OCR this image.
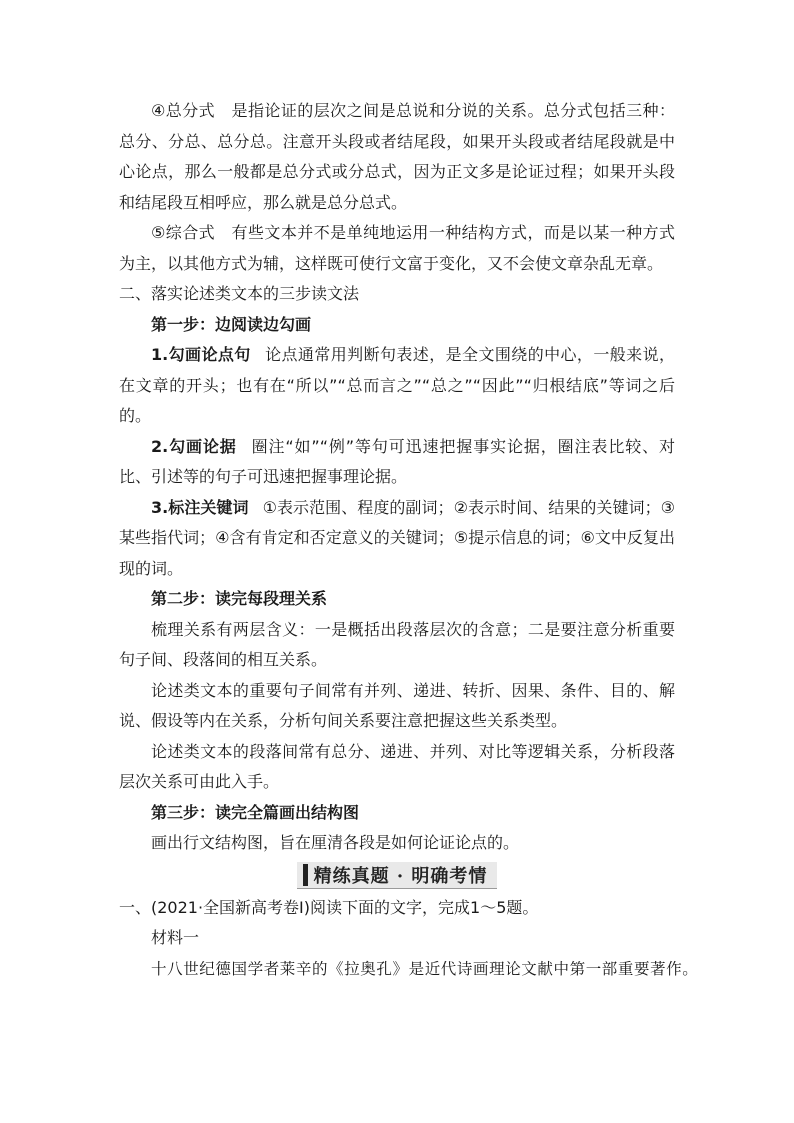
④总分式　是指论证的层次之间是总说和分说的关系。总分式包括三种：总分、分总、总分总。注意开头段或者结尾段，如果开头段或者结尾段就是中心论点，那么一般都是总分式或分总式，因为正文多是论证过程；如果开头段和结尾段互相呼应，那么就是总分总式。

⑤综合式　有些文本并不是单纯地运用一种结构方式，而是以某一种方式为主，以其他方式为辅，这样既可使行文富于变化，又不会使文章杂乱无章。

二、落实论述类文本的三步读文法

第一步：边阅读边勾画

1.勾画论点句 论点通常用判断句表述，是全文围绕的中心，一般来说，在文章的开头；也有在“所以”“总而言之”“总之”“因此”“归根结底”等词之后的。

2.勾画论据 圈注“如”“例”等句可迅速把握事实论据，圈注表比较、对比、引述等的句子可迅速把握事理论据。

3.标注关键词 ①表示范围、程度的副词；②表示时间、结果的关键词；③某些指代词；④含有肯定和否定意义的关键词；⑤提示信息的词；⑥文中反复出现的词。

第二步：读完每段理关系

梳理关系有两层含义：一是概括出段落层次的含意；二是要注意分析重要句子间、段落间的相互关系。

论述类文本的重要句子间常有并列、递进、转折、因果、条件、目的、解说、假设等内在关系，分析句间关系要注意把握这些关系类型。

论述类文本的段落间常有总分、递进、并列、对比等逻辑关系，分析段落层次关系可由此入手。

第三步：读完全篇画出结构图

画出行文结构图，旨在厘清各段是如何论证论点的。

精练真题 · 明确考情

一、(2021·全国新高考卷Ⅰ)阅读下面的文字，完成1～5题。

材料一

十八世纪德国学者莱辛的《拉奥孔》是近代诗画理论文献中第一部重要著作。
